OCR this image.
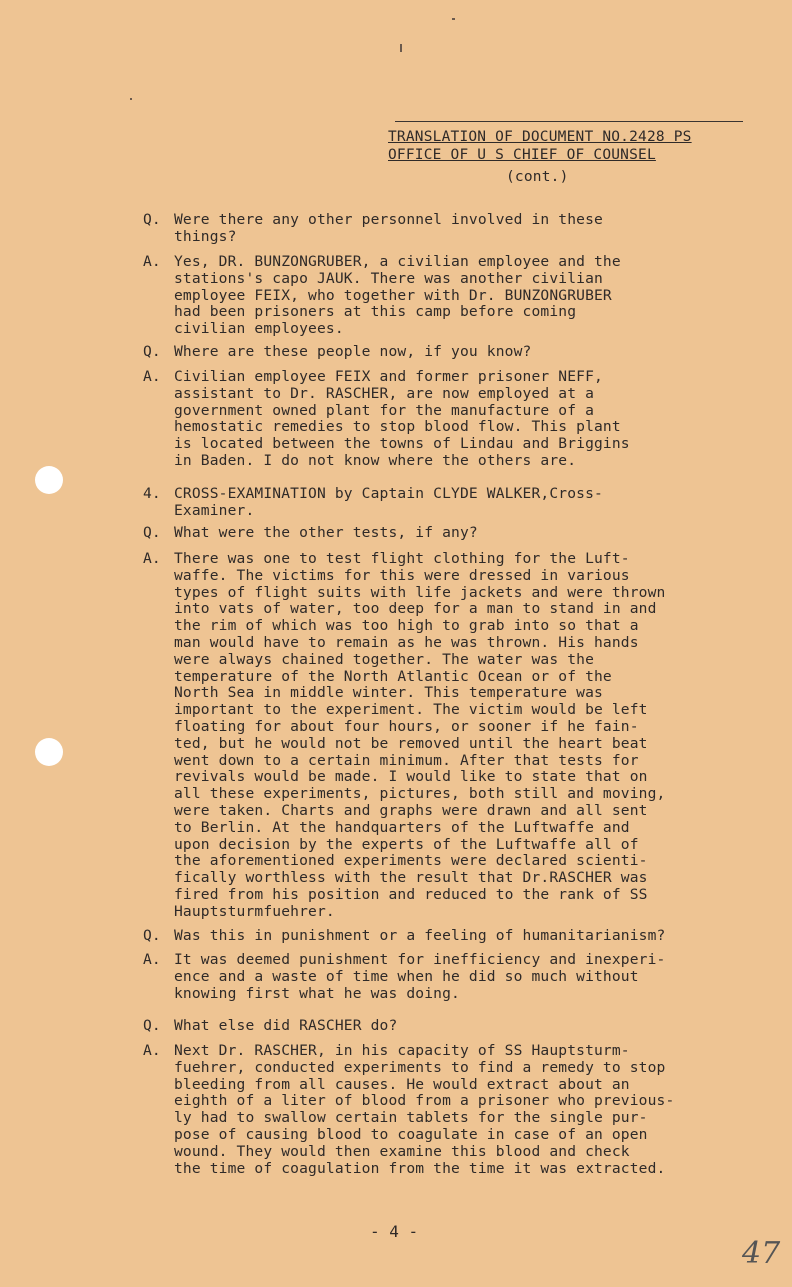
TRANSLATION OF DOCUMENT NO.2428 PS
OFFICE OF U S CHIEF OF COUNSEL
(cont.)
Q. Were there any other personnel involved in these
things?
A. Yes, DR. BUNZONGRUBER, a civilian employee and the
stations's capo JAUK. There was another civilian
employee FEIX, who together with Dr. BUNZONGRUBER
had been prisoners at this camp before coming
civilian employees.
Q. Where are these people now, if you know?
A. Civilian employee FEIX and former prisoner NEFF,
assistant to Dr. RASCHER, are now employed at a
government owned plant for the manufacture of a
hemostatic remedies to stop blood flow. This plant
is located between the towns of Lindau and Briggins
in Baden. I do not know where the others are.
4. CROSS-EXAMINATION by Captain CLYDE WALKER,Cross-
Examiner.
Q. What were the other tests, if any?
A. There was one to test flight clothing for the Luft-
waffe. The victims for this were dressed in various
types of flight suits with life jackets and were thrown
into vats of water, too deep for a man to stand in and
the rim of which was too high to grab into so that a
man would have to remain as he was thrown. His hands
were always chained together. The water was the
temperature of the North Atlantic Ocean or of the
North Sea in middle winter. This temperature was
important to the experiment. The victim would be left
floating for about four hours, or sooner if he fain-
ted, but he would not be removed until the heart beat
went down to a certain minimum. After that tests for
revivals would be made. I would like to state that on
all these experiments, pictures, both still and moving,
were taken. Charts and graphs were drawn and all sent
to Berlin. At the handquarters of the Luftwaffe and
upon decision by the experts of the Luftwaffe all of
the aforementioned experiments were declared scienti-
fically worthless with the result that Dr.RASCHER was
fired from his position and reduced to the rank of SS
Hauptsturmfuehrer.
Q. Was this in punishment or a feeling of humanitarianism?
A. It was deemed punishment for inefficiency and inexperi-
ence and a waste of time when he did so much without
knowing first what he was doing.
Q. What else did RASCHER do?
A. Next Dr. RASCHER, in his capacity of SS Hauptsturm-
fuehrer, conducted experiments to find a remedy to stop
bleeding from all causes. He would extract about an
eighth of a liter of blood from a prisoner who previous-
ly had to swallow certain tablets for the single pur-
pose of causing blood to coagulate in case of an open
wound. They would then examine this blood and check
the time of coagulation from the time it was extracted.
- 4 -
47
